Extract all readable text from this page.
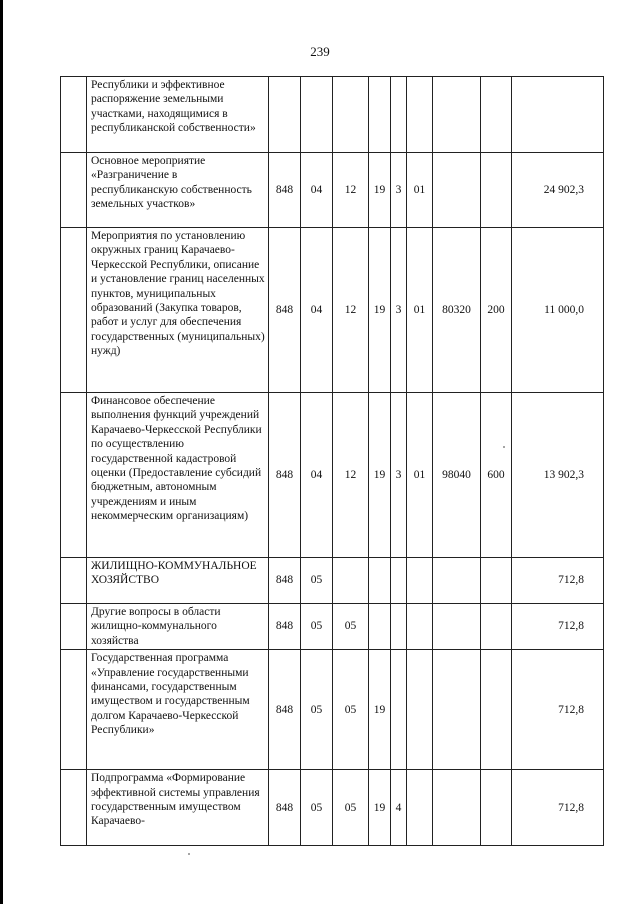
239
	Республики и эффективное распоряжение земельными участками, находящимися в республиканской собственности»									
	Основное мероприятие «Разграничение в республиканскую собственность земельных участков»	848	04	12	19	3	01			24 902,3
	Мероприятия по установлению окружных границ Карачаево-Черкесской Республики, описание и установление границ населенных пунктов, муниципальных образований (Закупка товаров, работ и услуг для обеспечения государственных (муниципальных) нужд)	848	04	12	19	3	01	80320	200	11 000,0
	Финансовое обеспечение выполнения функций учреждений Карачаево-Черкесской Республики по осуществлению государственной кадастровой оценки (Предоставление субсидий бюджетным, автономным учреждениям и иным некоммерческим организациям)	848	04	12	19	3	01	98040	600	13 902,3
	ЖИЛИЩНО-КОММУНАЛЬНОЕ ХОЗЯЙСТВО	848	05							712,8
	Другие вопросы в области жилищно-коммунального хозяйства	848	05	05						712,8
	Государственная программа «Управление государственными финансами, государственным имуществом и государственным долгом Карачаево-Черкесской Республики»	848	05	05	19					712,8
	Подпрограмма «Формирование эффективной системы управления государственным имуществом Карачаево-	848	05	05	19	4				712,8
